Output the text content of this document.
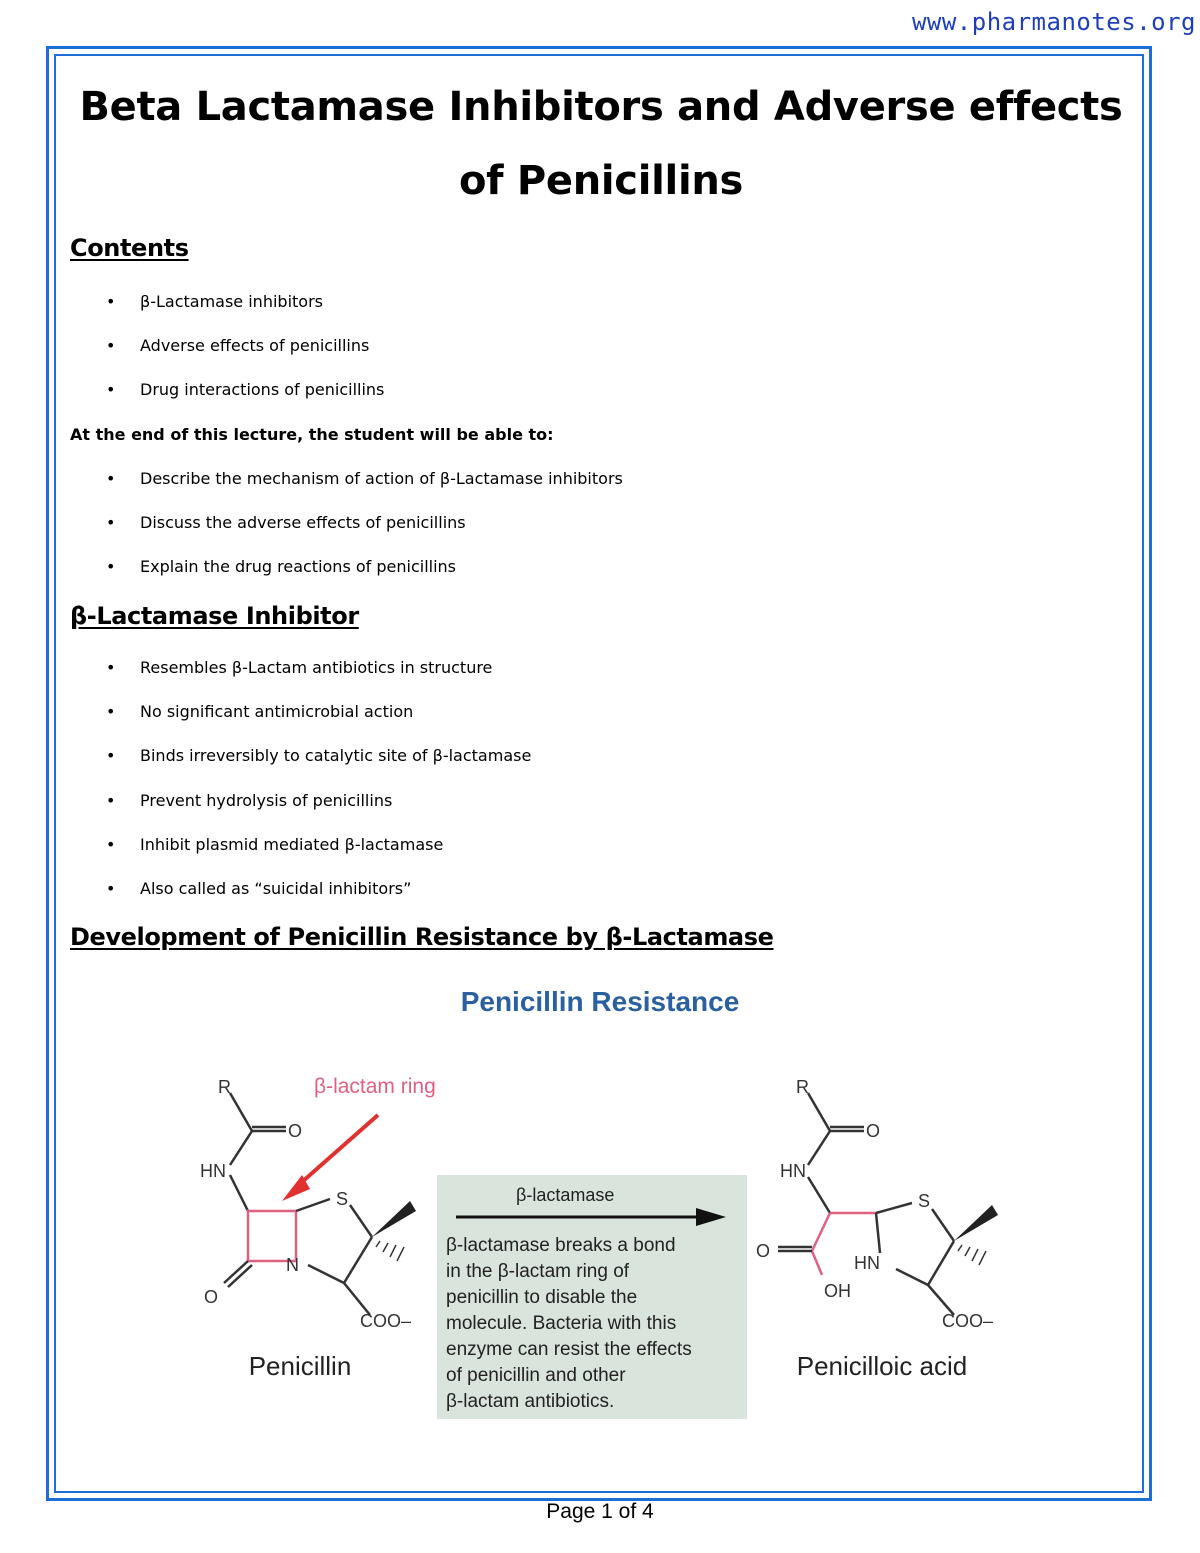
www.pharmanotes.org
Beta Lactamase Inhibitors and Adverse effects of Penicillins
Contents
• β-Lactamase inhibitors
• Adverse effects of penicillins
• Drug interactions of penicillins
At the end of this lecture, the student will be able to:
• Describe the mechanism of action of β-Lactamase inhibitors
• Discuss the adverse effects of penicillins
• Explain the drug reactions of penicillins
β-Lactamase Inhibitor
• Resembles β-Lactam antibiotics in structure
• No significant antimicrobial action
• Binds irreversibly to catalytic site of β-lactamase
• Prevent hydrolysis of penicillins
• Inhibit plasmid mediated β-lactamase
• Also called as “suicidal inhibitors”
Development of Penicillin Resistance by β-Lactamase
Penicillin Resistance
R
O
HN
S
N
O
COO–
β-lactam ring
Penicillin
β-lactamase
β-lactamase breaks a bond
in the β-lactam ring of
penicillin to disable the
molecule. Bacteria with this
enzyme can resist the effects
of penicillin and other
β-lactam antibiotics.
R
O
HN
S
O
HN
OH
COO–
Penicilloic acid
Page 1 of 4
